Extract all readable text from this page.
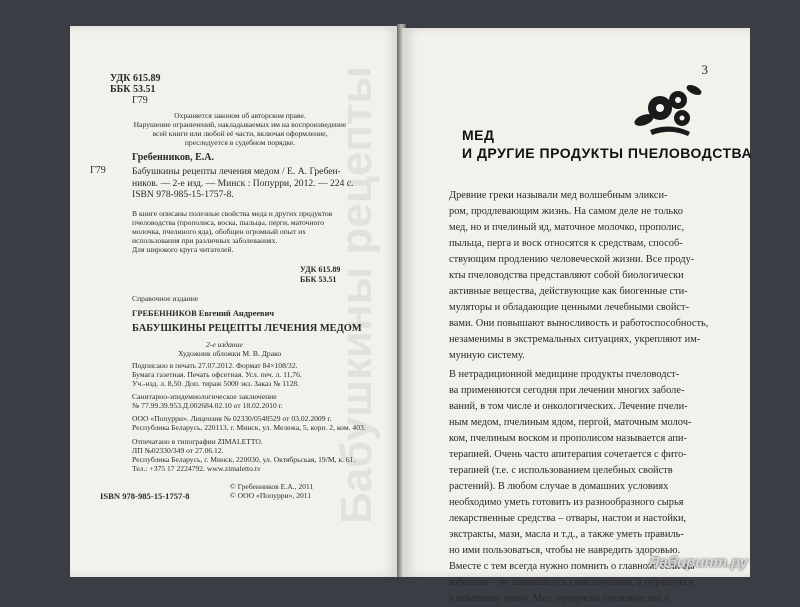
Бабушкины рецепты
УДК 615.89
ББК 53.51
Г79
Охраняется законом об авторском праве.
Нарушение ограничений, накладываемых им на воспроизведение
всей книги или любой её части, включая оформление,
преследуется в судебном порядке.
Гребенников, Е.А.
Г79	Бабушкины рецепты лечения медом / Е. А. Гребен-
ников. — 2-е изд. — Минск : Попурри, 2012. — 224 с.
ISBN 978-985-15-1757-8.
В книге описаны полезные свойства меда и других продуктов
пчеловодства (прополиса, воска, пыльцы, перги, маточного
молочка, пчелиного яда), обобщен огромный опыт их
использования при различных заболеваниях.
Для широкого круга читателей.
УДК 615.89
ББК 53.51
Справочное издание
ГРЕБЕННИКОВ Евгений Андреевич
БАБУШКИНЫ РЕЦЕПТЫ ЛЕЧЕНИЯ МЕДОМ
2-е издание
Художник обложки М. В. Драко
Подписано в печать 27.07.2012. Формат 84×108/32.
Бумага газетная. Печать офсетная. Усл. печ. л. 11,76.
Уч.-изд. л. 8,50. Доп. тираж 5000 экз. Заказ № 1128.
Санитарно-эпидемиологическое заключение
№ 77.99.39.953.Д.002684.02.10 от 18.02.2010 г.
ООО «Попурри». Лицензия № 02330/0548529 от 03.02.2009 г.
Республика Беларусь, 220113, г. Минск, ул. Мележа, 5, корп. 2, ком. 403.
Отпечатано в типографии ZIMALETTO.
ЛП №02330/349 от 27.06.12.
Республика Беларусь, г. Минск, 220030, ул. Октябрьская, 19/М, к. 61.
Тел.: +375 17 2224792. www.zimaletto.tv
ISBN 978-985-15-1757-8
© Гребенников Е.А., 2011
© ООО «Попурри», 2011
3
МЕД
И ДРУГИЕ ПРОДУКТЫ ПЧЕЛОВОДСТВА
Древние греки называли мед волшебным эликси-
ром, продлевающим жизнь. На самом деле не только
мед, но и пчелиный яд, маточное молочко, прополис,
пыльца, перга и воск относятся к средствам, способ-
ствующим продлению человеческой жизни. Все проду-
кты пчеловодства представляют собой биологически
активные вещества, действующие как биогенные сти-
муляторы и обладающие ценными лечебными свойст-
вами. Они повышают выносливость и работоспособность,
незаменимы в экстремальных ситуациях, укрепляют им-
мунную систему.
В нетрадиционной медицине продукты пчеловодст-
ва применяются сегодня при лечении многих заболе-
ваний, в том числе и онкологических. Лечение пчели-
ным медом, пчелиным ядом, пергой, маточным молоч-
ком, пчелиным воском и прополисом называется апи-
терапией. Очень часто апитерапия сочетается с фито-
терапией (т.е. с использованием целебных свойств
растений). В любом случае в домашних условиях
необходимо уметь готовить из разнообразного сырья
лекарственные средства – отвары, настои и настойки,
экстракты, мази, масла и т.д., а также уметь правиль-
но ими пользоваться, чтобы не навредить здоровью.
Вместе с тем всегда нужно помнить о главном: если вы
заболели – не занимайтесь самолечением, а обратитесь
к опытному врачу. Мед, продукты пчеловодства и
Лабиринт.ру
